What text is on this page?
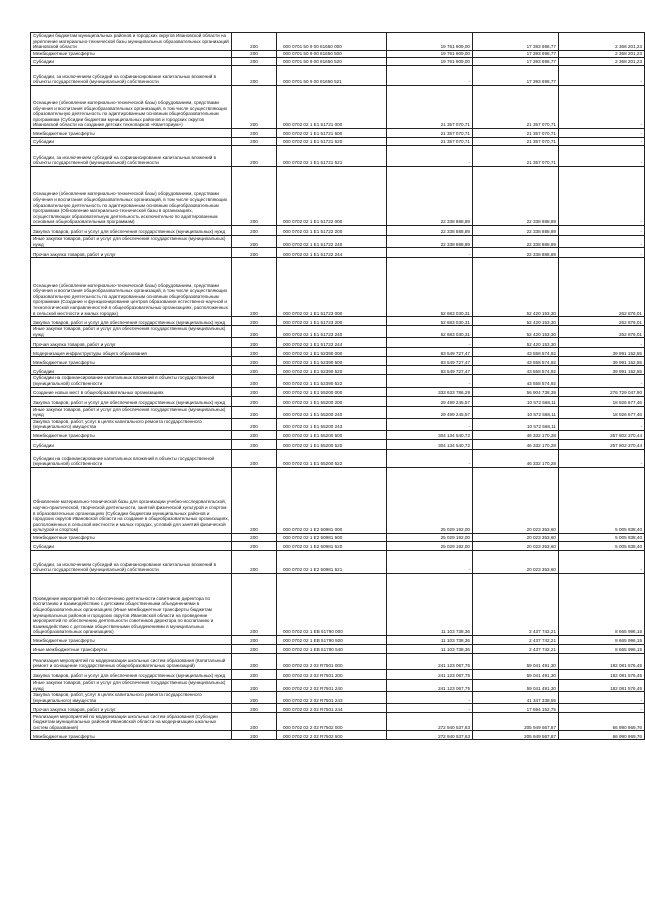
Субсидии бюджетам муниципальных районов и городских округов Ивановской области на укрепление материально-технической базы муниципальных образовательных организаций Ивановской области	200	000 0701 50 9 00 81650 000	19 761 909,00	17 393 698,77	2 368 201,23
Межбюджетные трансферты	200	000 0701 50 9 00 81650 500	19 761 909,00	17 393 698,77	2 368 201,23
Субсидии	200	000 0701 50 9 00 81650 520	19 761 909,00	17 393 698,77	2 368 201,23
Субсидии, за исключением субсидий на софинансирование капитальных вложений в объекты государственной (муниципальной) собственности	200	000 0701 50 9 00 81650 521	-	17 393 698,77	-
Оснащение (обновление материально-технической базы) оборудованием, средствами обучения и воспитания общеобразовательных организаций, в том числе осуществляющих образовательную деятельность по адаптированным основным общеобразовательным программам (Субсидии бюджетам муниципальных районов и городских округов Ивановской области на создание детских технопарков «Кванториум»)	200	000 0702 02 1 E1 51721 000	21 357 070,71	21 357 070,71	-
Межбюджетные трансферты	200	000 0702 02 1 E1 51721 500	21 357 070,71	21 357 070,71	-
Субсидии	200	000 0702 02 1 E1 51721 520	21 357 070,71	21 357 070,71	-
Субсидии, за исключением субсидий на софинансирование капитальных вложений в объекты государственной (муниципальной) собственности	200	000 0702 02 1 E1 51721 521	-	21 357 070,71	-
Оснащение (обновление материально-технической базы) оборудованием, средствами обучения и воспитания общеобразовательных организаций, в том числе осуществляющих образовательную деятельность по адаптированным основным общеобразовательным программам (Обновление материально-технической базы в организациях, осуществляющих образовательную деятельность исключительно по адаптированным основным общеобразовательным программам)	200	000 0702 02 1 E1 51722 000	22 338 888,89	22 338 888,89	-
Закупка товаров, работ и услуг для обеспечения государственных (муниципальных) нужд	200	000 0702 02 1 E1 51722 200	22 338 888,89	22 338 888,89	-
Иные закупки товаров, работ и услуг для обеспечения государственных (муниципальных) нужд	200	000 0702 02 1 E1 51722 240	22 338 888,89	22 338 888,89	-
Прочая закупка товаров, работ и услуг	200	000 0702 02 1 E1 51722 244	-	22 338 888,89	-
Оснащение (обновление материально-технической базы) оборудованием, средствами обучения и воспитания общеобразовательных организаций, в том числе осуществляющих образовательную деятельность по адаптированным основным общеобразовательным программам (Создание и функционирование центров образования естественно-научной и технологической направленностей в общеобразовательных организациях, расположенных в сельской местности и малых городах)	200	000 0702 02 1 E1 51723 000	52 683 030,31	52 420 153,30	262 876,01
Закупка товаров, работ и услуг для обеспечения государственных (муниципальных) нужд	200	000 0702 02 1 E1 51723 200	52 683 030,31	52 420 153,30	262 876,01
Иные закупки товаров, работ и услуг для обеспечения государственных (муниципальных) нужд	200	000 0702 02 1 E1 51723 240	52 683 030,31	52 420 153,30	262 876,01
Прочая закупка товаров, работ и услуг	200	000 0702 02 1 E1 51723 244	-	52 420 153,30	-
Модернизация инфраструктуры общего образования	200	000 0702 02 1 E1 52390 000	83 549 727,47	43 558 574,92	39 991 152,55
Межбюджетные трансферты	200	000 0702 02 1 E1 52390 500	83 549 727,47	43 558 574,92	39 991 152,55
Субсидии	200	000 0702 02 1 E1 52390 520	83 549 727,47	43 558 574,92	39 991 152,55
Субсидии на софинансирование капитальных вложений в объекты государственной (муниципальной) собственности	200	000 0702 02 1 E1 52390 522	-	43 558 574,92	-
Создание новых мест в общеобразовательных организациях	200	000 0702 02 1 E1 55200 000	333 633 786,29	56 904 738,39	276 729 047,90
Закупка товаров, работ и услуг для обеспечения государственных (муниципальных) нужд	200	000 0702 02 1 E1 55200 200	29 499 245,57	10 572 568,11	18 926 677,46
Иные закупки товаров, работ и услуг для обеспечения государственных (муниципальных) нужд	200	000 0702 02 1 E1 55200 240	29 499 245,57	10 572 568,11	18 926 677,46
Закупка товаров, работ, услуг в целях капитального ремонта государственного (муниципального) имущества	200	000 0702 02 1 E1 55200 243	-	10 572 568,11	-
Межбюджетные трансферты	200	000 0702 02 1 E1 55200 500	304 134 540,72	46 332 170,28	257 802 370,44
Субсидии	200	000 0702 02 1 E1 55200 520	304 134 540,72	46 332 170,28	257 802 370,44
Субсидии на софинансирование капитальных вложений в объекты государственной (муниципальной) собственности	200	000 0702 02 1 E1 55200 522	-	46 332 170,28	-
Обновление материально-технической базы для организации учебно-исследовательской, научно-практической, творческой деятельности, занятий физической культурой и спортом в образовательных организациях (Субсидии бюджетам муниципальных районов и городских округов Ивановской области на создание в общеобразовательных организациях, расположенных в сельской местности и малых городах, условий для занятий физической культурой и спортом)	200	000 0702 02 1 E2 50981 000	25 029 192,00	20 023 353,60	5 005 838,40
Межбюджетные трансферты	200	000 0702 02 1 E2 50981 500	25 029 192,00	20 023 353,60	5 005 838,40
Субсидии	200	000 0702 02 1 E2 50981 520	25 029 192,00	20 023 353,60	5 005 838,40
Субсидии, за исключением субсидий на софинансирование капитальных вложений в объекты государственной (муниципальной) собственности	200	000 0702 02 1 E2 50981 521	-	20 023 353,60	-
Проведение мероприятий по обеспечению деятельности советников директора по воспитанию и взаимодействию с детскими общественными объединениями в общеобразовательных организациях (Иные межбюджетные трансферты бюджетам муниципальных районов и городских округов Ивановской области на проведение мероприятий по обеспечению деятельности советников директора по воспитанию и взаимодействию с детскими общественными объединениями в муниципальных общеобразовательных организациях)	200	000 0702 02 1 EВ 51790 000	11 103 738,36	2 437 742,21	8 665 996,15
Межбюджетные трансферты	200	000 0702 02 1 EВ 51790 500	11 103 738,36	2 437 742,21	8 665 996,15
Иные межбюджетные трансферты	200	000 0702 02 1 EВ 51790 540	11 103 738,36	2 437 742,21	8 665 996,15
Реализация мероприятий по модернизации школьных систем образования (Капитальный ремонт и оснащение государственных общеобразовательных организаций)	200	000 0702 02 2 02 R7501 000	241 123 067,75	59 041 491,30	182 081 576,45
Закупка товаров, работ и услуг для обеспечения государственных (муниципальных) нужд	200	000 0702 02 2 02 R7501 200	241 123 067,75	59 041 491,30	182 081 576,45
Иные закупки товаров, работ и услуг для обеспечения государственных (муниципальных) нужд	200	000 0702 02 2 02 R7501 240	241 123 067,75	59 041 491,30	182 081 576,45
Закупка товаров, работ, услуг в целях капитального ремонта государственного (муниципального) имущества	200	000 0702 02 2 02 R7501 243	-	41 347 338,55	-
Прочая закупка товаров, работ и услуг	200	000 0702 02 2 02 R7501 244	-	17 694 152,75	-
Реализация мероприятий по модернизации школьных систем образования (Субсидии бюджетам муниципальных районов Ивановской области на модернизацию школьных систем образования)	200	000 0702 02 2 02 R7502 000	272 940 537,63	205 949 567,87	66 990 969,76
Межбюджетные трансферты	200	000 0702 02 2 02 R7502 500	272 940 537,63	205 949 567,87	66 990 969,76
